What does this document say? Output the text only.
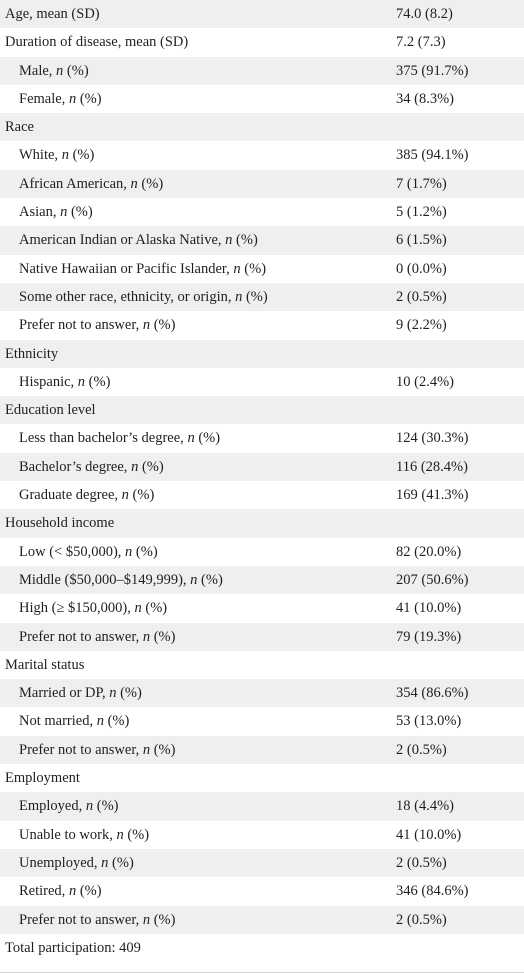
Age, mean (SD)	74.0 (8.2)
Duration of disease, mean (SD)	7.2 (7.3)
Male, n (%)	375 (91.7%)
Female, n (%)	34 (8.3%)
Race
White, n (%)	385 (94.1%)
African American, n (%)	7 (1.7%)
Asian, n (%)	5 (1.2%)
American Indian or Alaska Native, n (%)	6 (1.5%)
Native Hawaiian or Pacific Islander, n (%)	0 (0.0%)
Some other race, ethnicity, or origin, n (%)	2 (0.5%)
Prefer not to answer, n (%)	9 (2.2%)
Ethnicity
Hispanic, n (%)	10 (2.4%)
Education level
Less than bachelor’s degree, n (%)	124 (30.3%)
Bachelor’s degree, n (%)	116 (28.4%)
Graduate degree, n (%)	169 (41.3%)
Household income
Low (< $50,000), n (%)	82 (20.0%)
Middle ($50,000–$149,999), n (%)	207 (50.6%)
High (≥ $150,000), n (%)	41 (10.0%)
Prefer not to answer, n (%)	79 (19.3%)
Marital status
Married or DP, n (%)	354 (86.6%)
Not married, n (%)	53 (13.0%)
Prefer not to answer, n (%)	2 (0.5%)
Employment
Employed, n (%)	18 (4.4%)
Unable to work, n (%)	41 (10.0%)
Unemployed, n (%)	2 (0.5%)
Retired, n (%)	346 (84.6%)
Prefer not to answer, n (%)	2 (0.5%)
Total participation: 409
